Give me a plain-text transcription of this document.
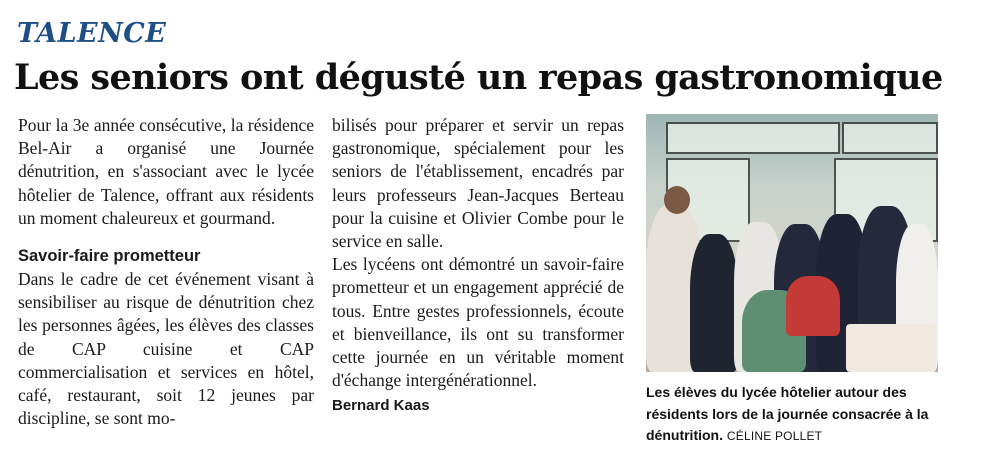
TALENCE
Les seniors ont dégusté un repas gastronomique

Pour la 3e année consécutive, la résidence Bel-Air a organisé une Journée dénutrition, en s'associant avec le lycée hôtelier de Talence, offrant aux résidents un moment chaleureux et gourmand.

Savoir-faire prometteur

Dans le cadre de cet événement visant à sensibiliser au risque de dénutrition chez les personnes âgées, les élèves des classes de CAP cuisine et CAP commercialisation et services en hôtel, café, restaurant, soit 12 jeunes par discipline, se sont mo-

bilisés pour préparer et servir un repas gastronomique, spécialement pour les seniors de l'établissement, encadrés par leurs professeurs Jean-Jacques Berteau pour la cuisine et Olivier Combe pour le service en salle.

Les lycéens ont démontré un savoir-faire prometteur et un engagement apprécié de tous. Entre gestes professionnels, écoute et bienveillance, ils ont su transformer cette journée en un véritable moment d'échange intergénérationnel.

Bernard Kaas

Les élèves du lycée hôtelier autour des résidents lors de la journée consacrée à la dénutrition. CÉLINE POLLET
